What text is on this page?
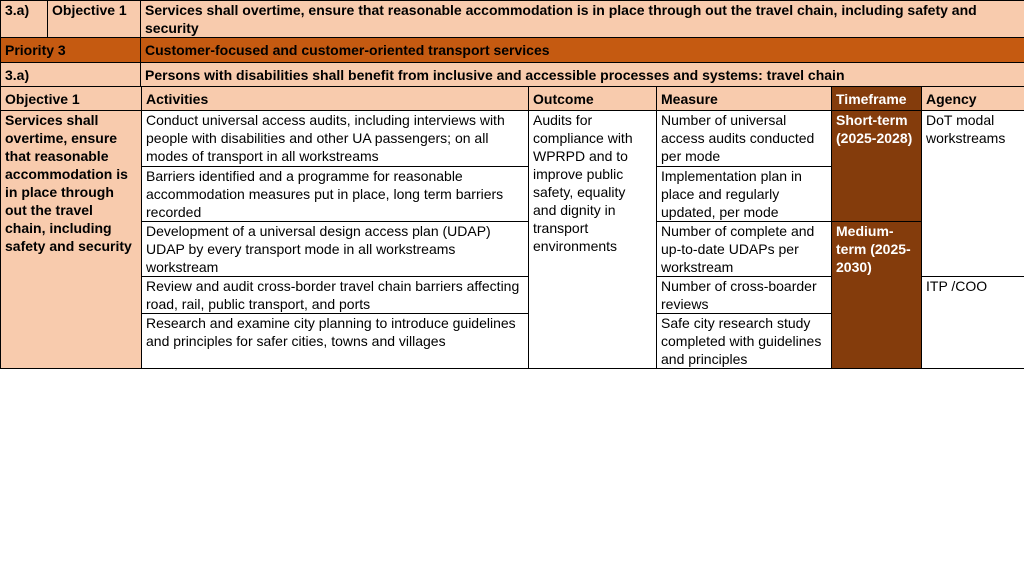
3.a)	Objective 1	Services shall overtime, ensure that reasonable accommodation is in place through out the travel chain, including safety and security
Priority 3		Customer-focused and customer-oriented transport services
3.a)		Persons with disabilities shall benefit from inclusive and accessible processes and systems: travel chain
Objective 1	Activities	Outcome	Measure	Timeframe	Agency
Services shall overtime, ensure that reasonable accommodation is in place through out the travel chain, including safety and security	Conduct universal access audits, including interviews with people with disabilities and other UA passengers; on all modes of transport in all workstreams	Audits for compliance with WPRPD and to improve public safety, equality and dignity in transport environments	Number of universal access audits conducted per mode	Short-term (2025-2028)	DoT modal workstreams
	Barriers identified and a programme for reasonable accommodation measures put in place, long term barriers recorded		Implementation plan in place and regularly updated, per mode		
	Development of a universal design access plan (UDAP) UDAP by every transport mode in all workstreams workstream		Number of complete and up-to-date UDAPs per workstream	Medium-term (2025-2030)	
	Review and audit cross-border travel chain barriers affecting road, rail, public transport, and ports		Number of cross-boarder reviews		ITP /COO
	Research and examine city planning to introduce guidelines and principles for safer cities, towns and villages		Safe city research study completed with guidelines and principles		
